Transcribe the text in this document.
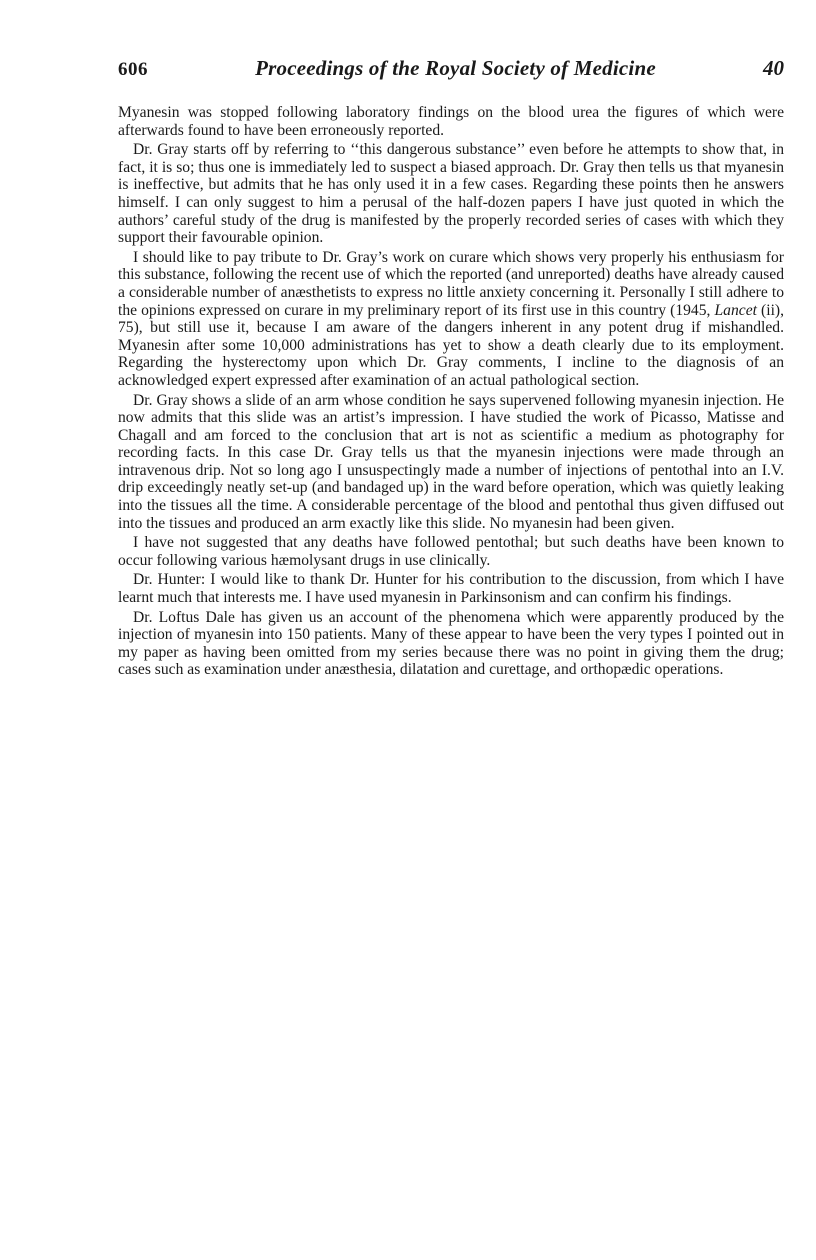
606	Proceedings of the Royal Society of Medicine	40

Myanesin was stopped following laboratory findings on the blood urea the figures of which were afterwards found to have been erroneously reported.

Dr. Gray starts off by referring to ‘‘this dangerous substance’’ even before he attempts to show that, in fact, it is so; thus one is immediately led to suspect a biased approach. Dr. Gray then tells us that myanesin is ineffective, but admits that he has only used it in a few cases. Regarding these points then he answers himself. I can only suggest to him a perusal of the half-dozen papers I have just quoted in which the authors’ careful study of the drug is manifested by the properly recorded series of cases with which they support their favourable opinion.

I should like to pay tribute to Dr. Gray’s work on curare which shows very properly his enthusiasm for this substance, following the recent use of which the reported (and unreported) deaths have already caused a considerable number of anæsthetists to express no little anxiety concerning it. Personally I still adhere to the opinions expressed on curare in my preliminary report of its first use in this country (1945, Lancet (ii), 75), but still use it, because I am aware of the dangers inherent in any potent drug if mishandled. Myanesin after some 10,000 administrations has yet to show a death clearly due to its employment. Regarding the hysterectomy upon which Dr. Gray comments, I incline to the diagnosis of an acknowledged expert expressed after examination of an actual pathological section.

Dr. Gray shows a slide of an arm whose condition he says supervened following myanesin injection. He now admits that this slide was an artist’s impression. I have studied the work of Picasso, Matisse and Chagall and am forced to the conclusion that art is not as scientific a medium as photography for recording facts. In this case Dr. Gray tells us that the myanesin injections were made through an intravenous drip. Not so long ago I unsuspectingly made a number of injections of pentothal into an I.V. drip exceedingly neatly set-up (and bandaged up) in the ward before operation, which was quietly leaking into the tissues all the time. A considerable percentage of the blood and pentothal thus given diffused out into the tissues and produced an arm exactly like this slide. No myanesin had been given.

I have not suggested that any deaths have followed pentothal; but such deaths have been known to occur following various hæmolysant drugs in use clinically.

Dr. Hunter: I would like to thank Dr. Hunter for his contribution to the discussion, from which I have learnt much that interests me. I have used myanesin in Parkinsonism and can confirm his findings.

Dr. Loftus Dale has given us an account of the phenomena which were apparently produced by the injection of myanesin into 150 patients. Many of these appear to have been the very types I pointed out in my paper as having been omitted from my series because there was no point in giving them the drug; cases such as examination under anæsthesia, dilatation and curettage, and orthopædic operations.
